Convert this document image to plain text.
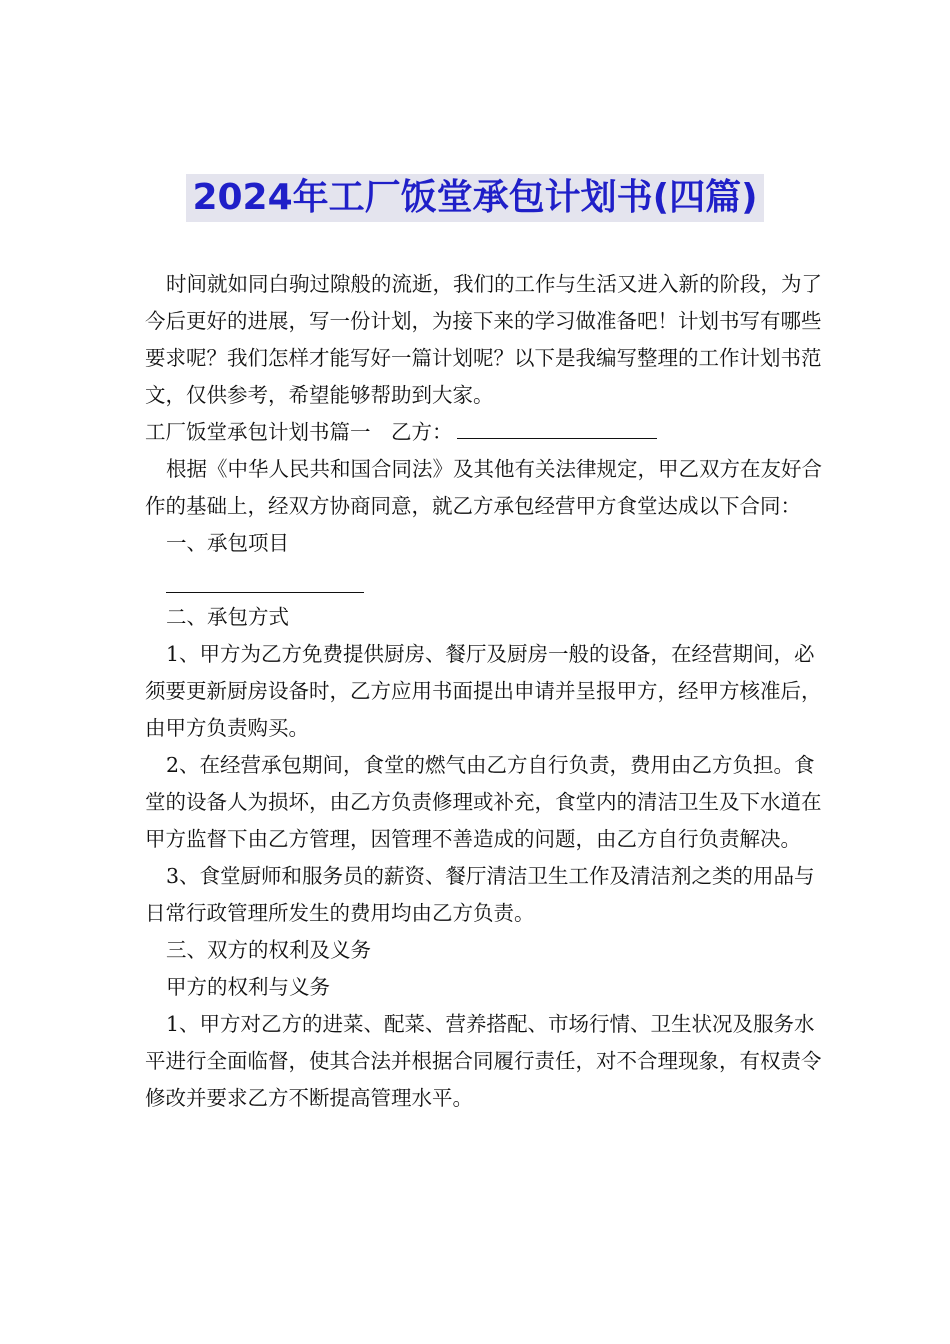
2024年工厂饭堂承包计划书(四篇)

时间就如同白驹过隙般的流逝，我们的工作与生活又进入新的阶段，为了今后更好的进展，写一份计划，为接下来的学习做准备吧！计划书写有哪些要求呢？我们怎样才能写好一篇计划呢？以下是我编写整理的工作计划书范文，仅供参考，希望能够帮助到大家。

工厂饭堂承包计划书篇一　乙方：

根据《中华人民共和国合同法》及其他有关法律规定，甲乙双方在友好合作的基础上，经双方协商同意，就乙方承包经营甲方食堂达成以下合同：

一、承包项目

二、承包方式

1、甲方为乙方免费提供厨房、餐厅及厨房一般的设备，在经营期间，必须要更新厨房设备时，乙方应用书面提出申请并呈报甲方，经甲方核准后，由甲方负责购买。

2、在经营承包期间，食堂的燃气由乙方自行负责，费用由乙方负担。食堂的设备人为损坏，由乙方负责修理或补充，食堂内的清洁卫生及下水道在甲方监督下由乙方管理，因管理不善造成的问题，由乙方自行负责解决。

3、食堂厨师和服务员的薪资、餐厅清洁卫生工作及清洁剂之类的用品与日常行政管理所发生的费用均由乙方负责。

三、双方的权利及义务

甲方的权利与义务

1、甲方对乙方的进菜、配菜、营养搭配、市场行情、卫生状况及服务水平进行全面临督，使其合法并根据合同履行责任，对不合理现象，有权责令修改并要求乙方不断提高管理水平。
